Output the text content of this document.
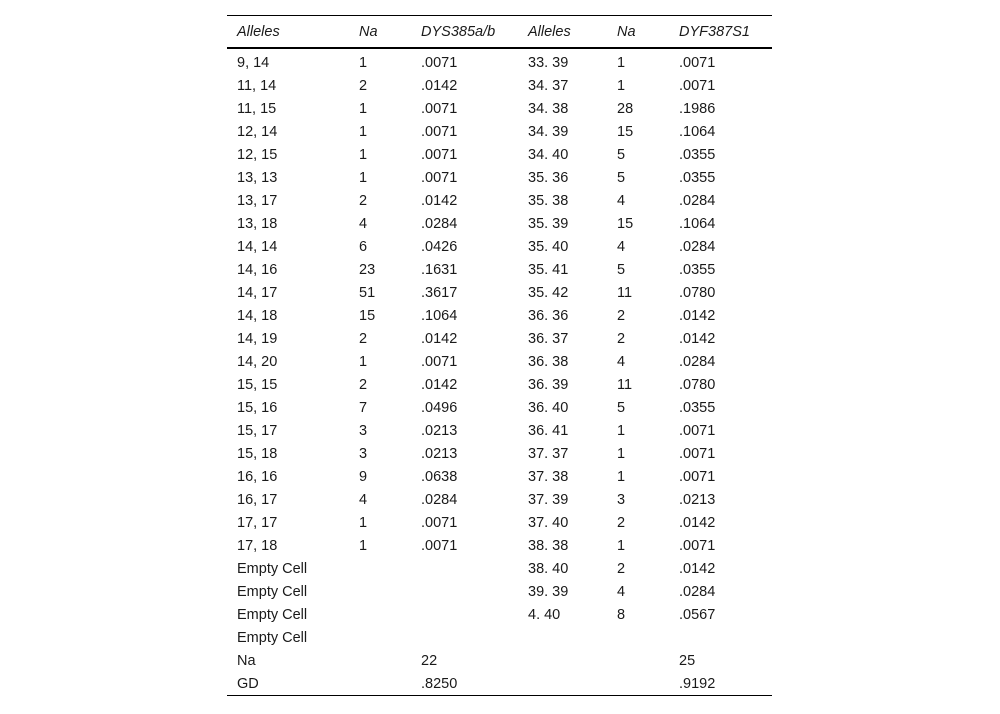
Alleles	Na	DYS385a/b	Alleles	Na	DYF387S1
9, 14	1	.0071	33. 39	1	.0071
11, 14	2	.0142	34. 37	1	.0071
11, 15	1	.0071	34. 38	28	.1986
12, 14	1	.0071	34. 39	15	.1064
12, 15	1	.0071	34. 40	5	.0355
13, 13	1	.0071	35. 36	5	.0355
13, 17	2	.0142	35. 38	4	.0284
13, 18	4	.0284	35. 39	15	.1064
14, 14	6	.0426	35. 40	4	.0284
14, 16	23	.1631	35. 41	5	.0355
14, 17	51	.3617	35. 42	11	.0780
14, 18	15	.1064	36. 36	2	.0142
14, 19	2	.0142	36. 37	2	.0142
14, 20	1	.0071	36. 38	4	.0284
15, 15	2	.0142	36. 39	11	.0780
15, 16	7	.0496	36. 40	5	.0355
15, 17	3	.0213	36. 41	1	.0071
15, 18	3	.0213	37. 37	1	.0071
16, 16	9	.0638	37. 38	1	.0071
16, 17	4	.0284	37. 39	3	.0213
17, 17	1	.0071	37. 40	2	.0142
17, 18	1	.0071	38. 38	1	.0071
Empty Cell			38. 40	2	.0142
Empty Cell			39. 39	4	.0284
Empty Cell			4. 40	8	.0567
Empty Cell					
Na		22			25
GD		.8250			.9192
